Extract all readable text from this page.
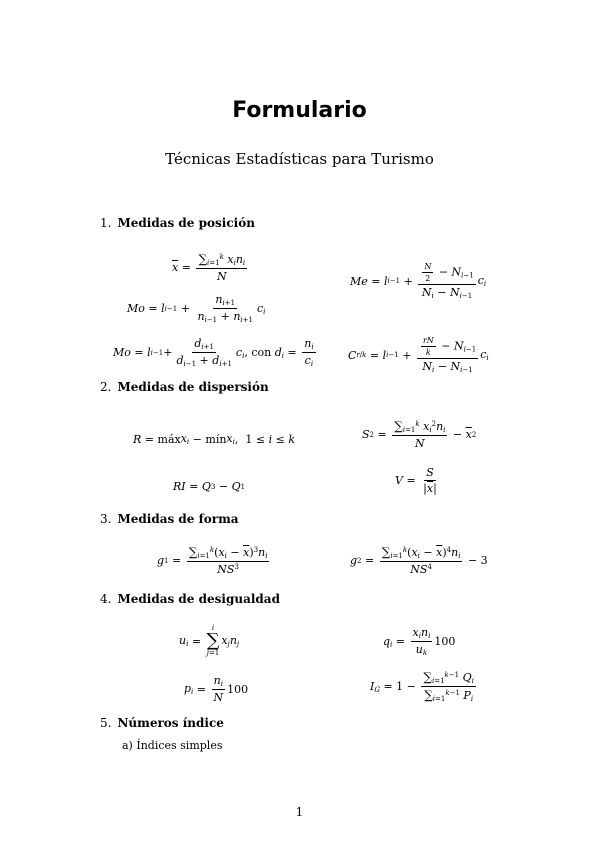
Formulario
Técnicas Estadísticas para Turismo
1. Medidas de posición
$\overline{x} = \frac{\sum_{i=1}^k x_in_i}{N}$	Me = l $i-1 + \frac{\frac{N}{2} - N_{i-1}}{N_i - N_{i-1}} c_i$
Mo = l $i-1 + \frac{n_{i+1}}{n_{i-1} + n_{i+1}} c_i$
Mo = l $i-1 + \frac{d_{i+1}}{d_{i-1} + d_{i+1}} c_i$ , con
$d_i = \frac{n_i}{c_i}$	C r/k = l $i-1 + \frac{\frac{rN}{k} - N_{i-1}}{N_i - N_{i-1}} c_i$
2. Medidas de dispersión
R = máx $x_i$ − mín $x_i$ ,  1 ≤ i ≤ k	S $2 = \frac{\sum_{i=1}^k x_i^2n_i}{N} - \overline{x}$ 2
RI = Q 3 − Q 1	$V = \frac{S}{|\overline{x}|}$
3. Medidas de forma
g $1 = \frac{\sum_{i=1}^k(x_i - \overline{x})^3n_i}{NS^3}$	g $2 = \frac{\sum_{i=1}^k(x_i - \overline{x})^4n_i}{NS^4} - 3$
4. Medidas de desigualdad
$u_i$ =
i
∑
j=1
$x_jn_j$	$q_i = \frac{x_in_i}{u_k} 100$
$p_i = \frac{n_i}{N} 100$	$I_G = 1 - \frac{\sum_{i=1}^{k-1} Q_i}{\sum_{i=1}^{k-1} P_i}$
5. Números índice
a) Índices simples
1
